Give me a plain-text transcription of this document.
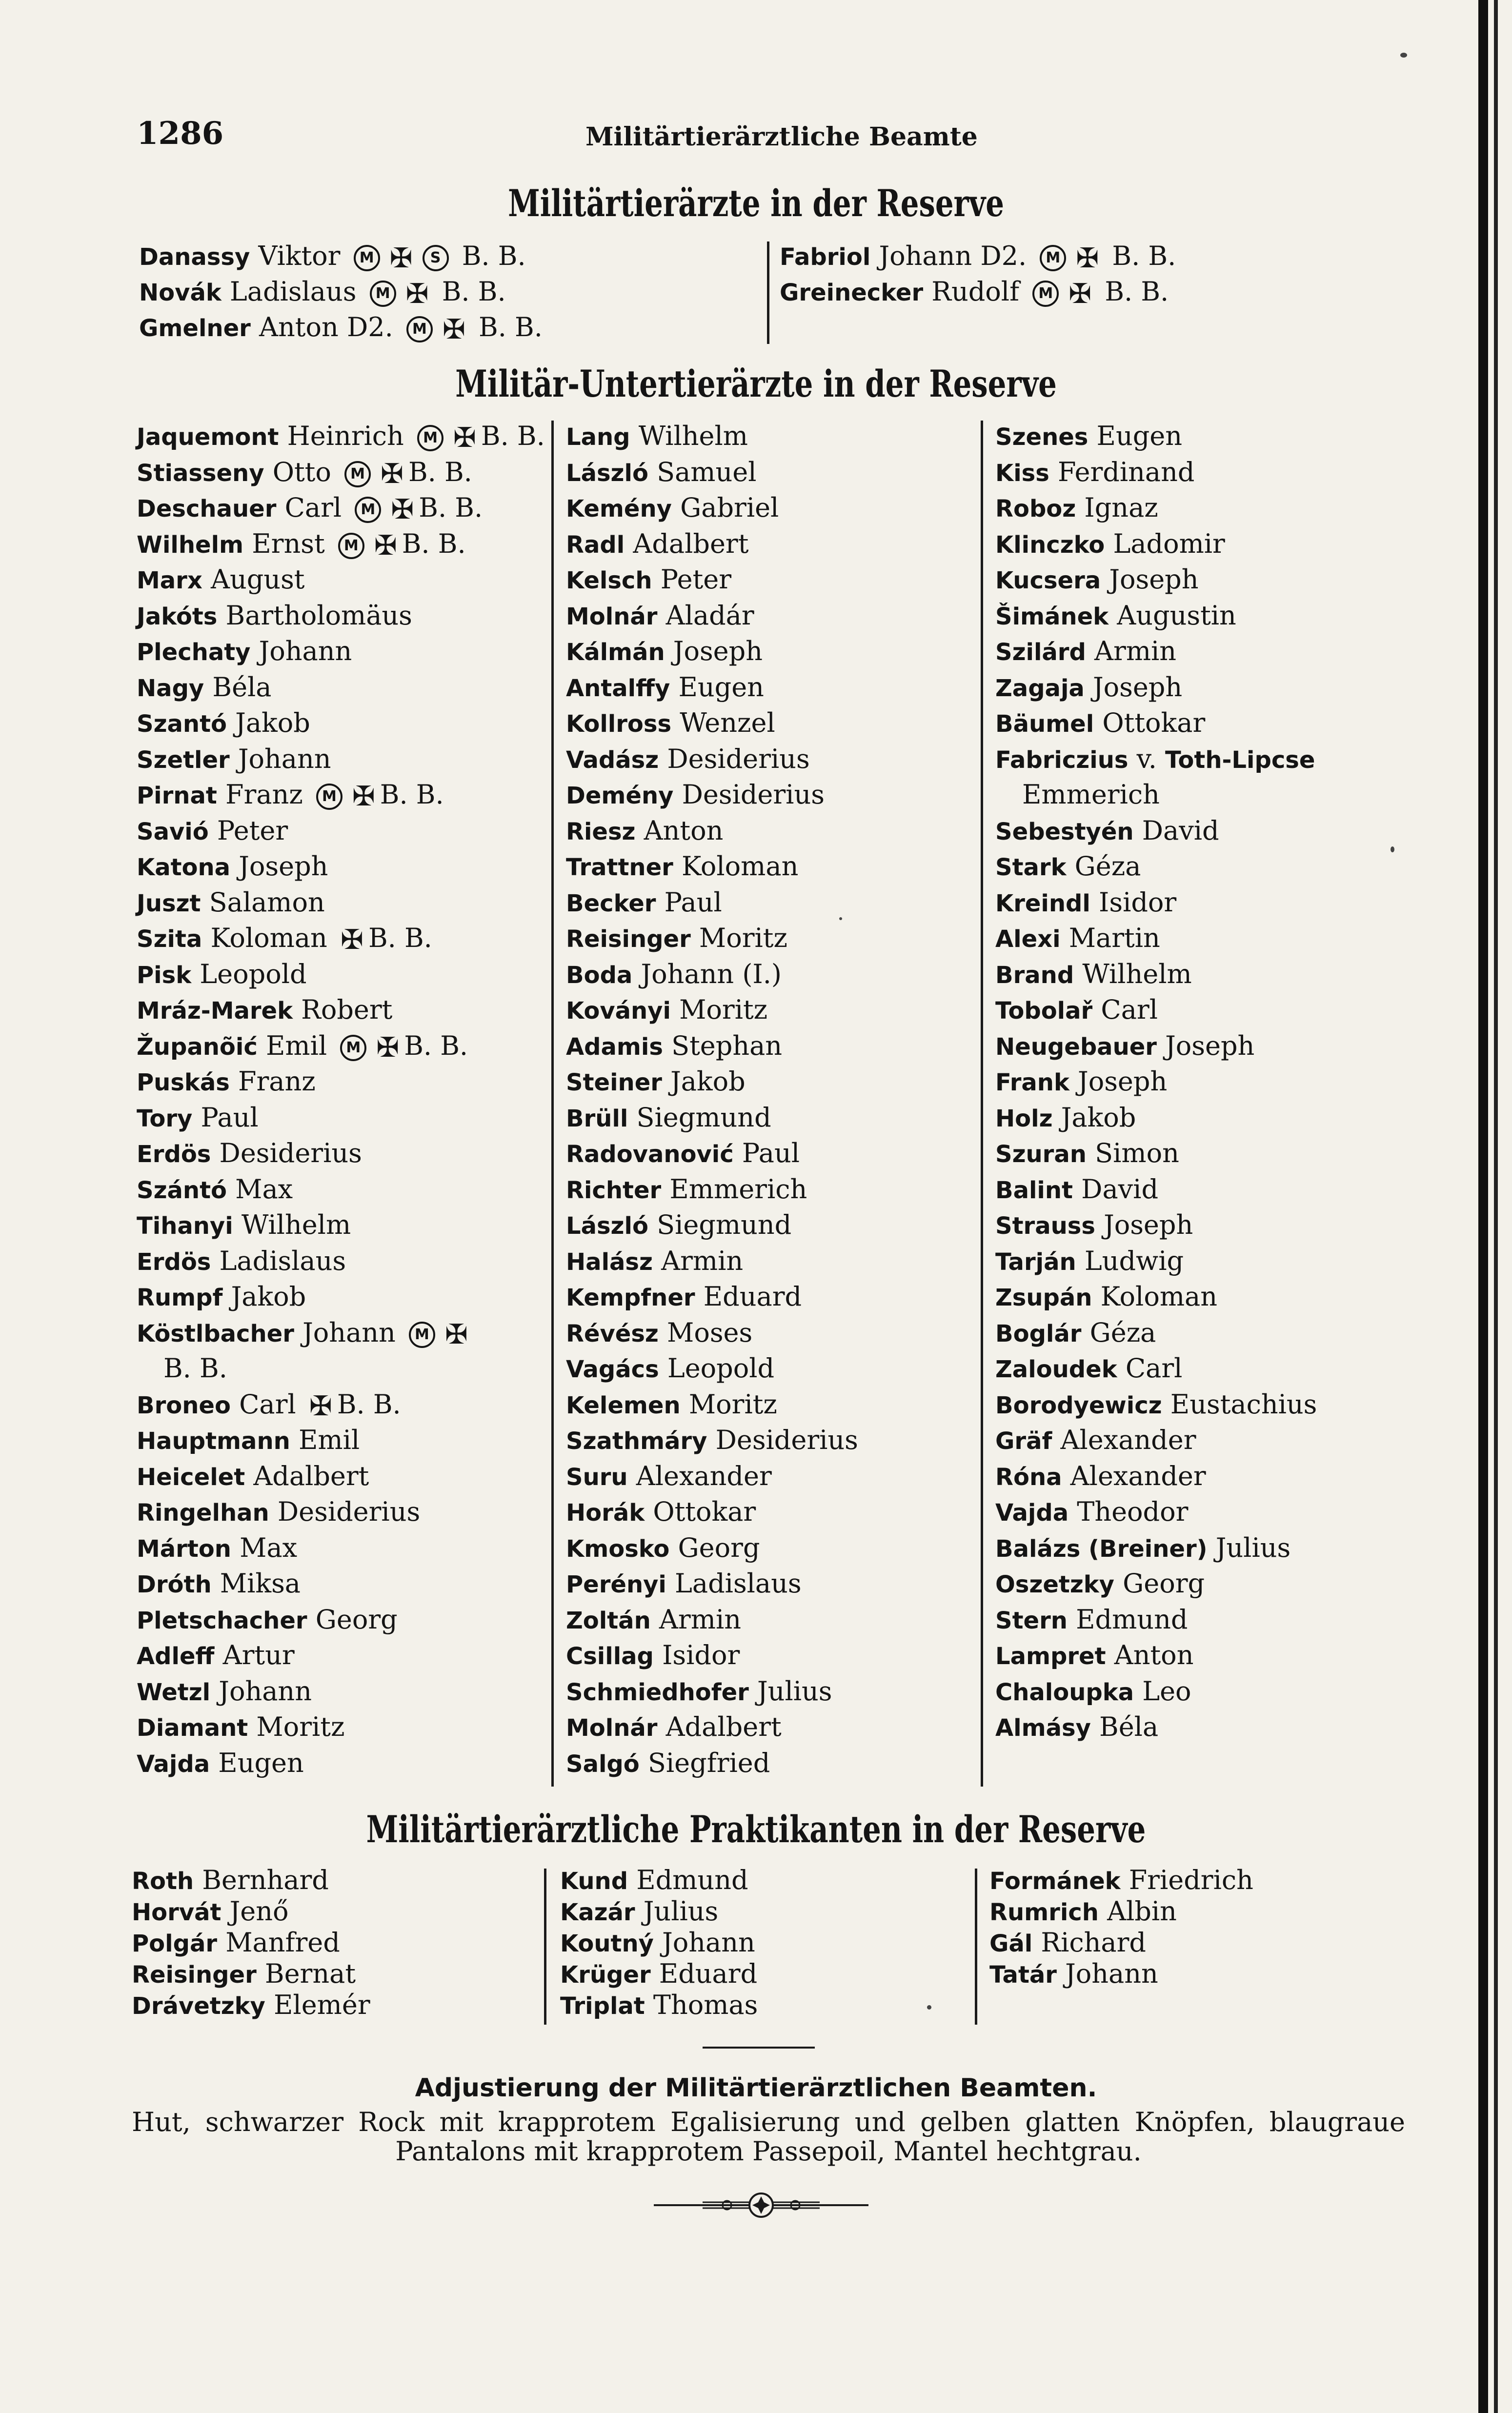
1286	Militärtierärztliche Beamte
Militärtierärzte in der Reserve
Danassy Viktor M ✠ S B. B.
Novák Ladislaus M ✠ B. B.
Gmelner Anton D2. M ✠ B. B.
Fabriol Johann D2. M ✠ B. B.
Greinecker Rudolf M ✠ B. B.
Militär-Untertierärzte in der Reserve
Jaquemont Heinrich M ✠ B. B.
Stiasseny Otto M ✠ B. B.
Deschauer Carl M ✠ B. B.
Wilhelm Ernst M ✠ B. B.
Marx August
Jakóts Bartholomäus
Plechaty Johann
Nagy Béla
Szantó Jakob
Szetler Johann
Pirnat Franz M ✠ B. B.
Savió Peter
Katona Joseph
Juszt Salamon
Szita Koloman ✠ B. B.
Pisk Leopold
Mráz-Marek Robert
Županõić Emil M ✠ B. B.
Puskás Franz
Tory Paul
Erdös Desiderius
Szántó Max
Tihanyi Wilhelm
Erdös Ladislaus
Rumpf Jakob
Köstlbacher Johann M ✠
B. B.
Broneo Carl ✠ B. B.
Hauptmann Emil
Heicelet Adalbert
Ringelhan Desiderius
Márton Max
Dróth Miksa
Pletschacher Georg
Adleff Artur
Wetzl Johann
Diamant Moritz
Vajda Eugen
Lang Wilhelm
László Samuel
Kemény Gabriel
Radl Adalbert
Kelsch Peter
Molnár Aladár
Kálmán Joseph
Antalffy Eugen
Kollross Wenzel
Vadász Desiderius
Demény Desiderius
Riesz Anton
Trattner Koloman
Becker Paul
Reisinger Moritz
Boda Johann (I.)
Koványi Moritz
Adamis Stephan
Steiner Jakob
Brüll Siegmund
Radovanović Paul
Richter Emmerich
László Siegmund
Halász Armin
Kempfner Eduard
Révész Moses
Vagács Leopold
Kelemen Moritz
Szathmáry Desiderius
Suru Alexander
Horák Ottokar
Kmosko Georg
Perényi Ladislaus
Zoltán Armin
Csillag Isidor
Schmiedhofer Julius
Molnár Adalbert
Salgó Siegfried
Szenes Eugen
Kiss Ferdinand
Roboz Ignaz
Klinczko Ladomir
Kucsera Joseph
Šimánek Augustin
Szilárd Armin
Zagaja Joseph
Bäumel Ottokar
Fabriczius v. Toth-Lipcse
Emmerich
Sebestyén David
Stark Géza
Kreindl Isidor
Alexi Martin
Brand Wilhelm
Tobolař Carl
Neugebauer Joseph
Frank Joseph
Holz Jakob
Szuran Simon
Balint David
Strauss Joseph
Tarján Ludwig
Zsupán Koloman
Boglár Géza
Zaloudek Carl
Borodyewicz Eustachius
Gräf Alexander
Róna Alexander
Vajda Theodor
Balázs (Breiner) Julius
Oszetzky Georg
Stern Edmund
Lampret Anton
Chaloupka Leo
Almásy Béla
Militärtierärztliche Praktikanten in der Reserve
Roth Bernhard
Horvát Jenő
Polgár Manfred
Reisinger Bernat
Drávetzky Elemér
Kund Edmund
Kazár Julius
Koutný Johann
Krüger Eduard
Triplat Thomas
Formánek Friedrich
Rumrich Albin
Gál Richard
Tatár Johann
Adjustierung der Militärtierärztlichen Beamten.

Hut, schwarzer Rock mit krapprotem Egalisierung und gelben glatten Knöpfen, blaugraue Pantalons mit krapprotem Passepoil, Mantel hechtgrau.
